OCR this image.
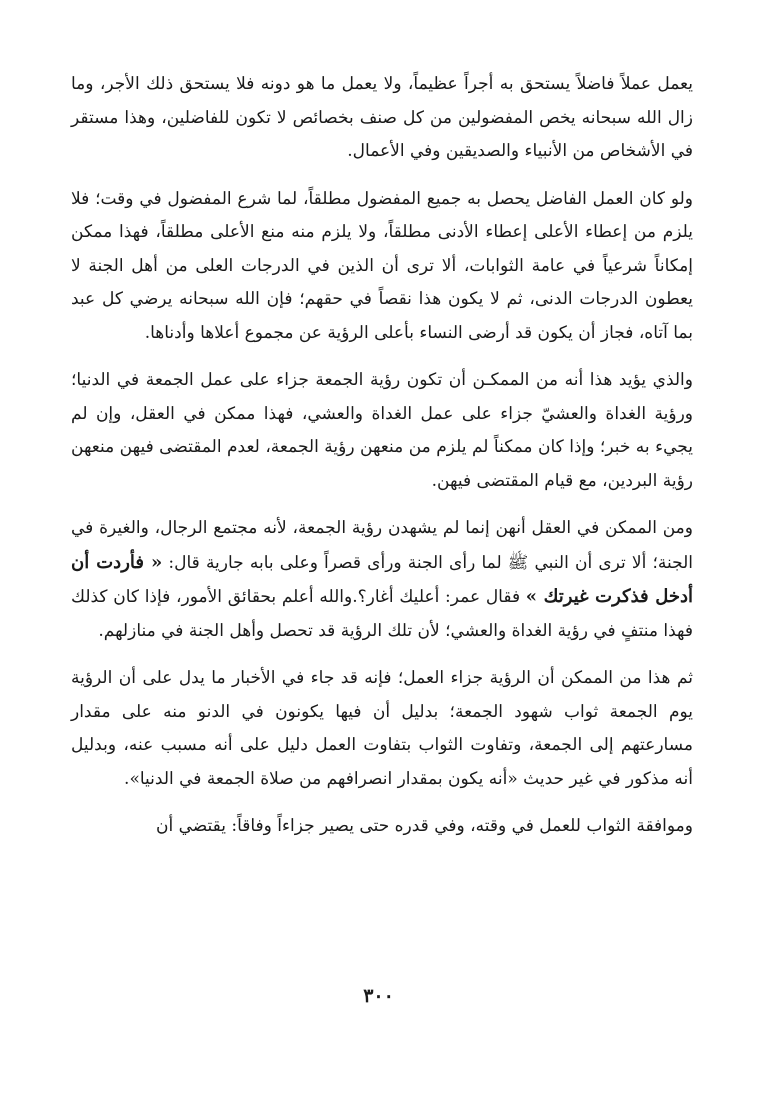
يعمل عملاً فاضلاً يستحق به أجراً عظيماً، ولا يعمل ما هو دونه فلا يستحق ذلك الأجر، وما زال الله سبحانه يخص المفضولين من كل صنف بخصائص لا تكون للفاضلين، وهذا مستقر في الأشخاص من الأنبياء والصديقين وفي الأعمال.

ولو كان العمل الفاضل يحصل به جميع المفضول مطلقاً، لما شرع المفضول في وقت؛ فلا يلزم من إعطاء الأعلى إعطاء الأدنى مطلقاً، ولا يلزم منه منع الأعلى مطلقاً، فهذا ممكن إمكاناً شرعياً في عامة الثوابات، ألا ترى أن الذين في الدرجات العلى من أهل الجنة لا يعطون الدرجات الدنى، ثم لا يكون هذا نقصاً في حقهم؛ فإن الله سبحانه يرضي كل عبد بما آتاه، فجاز أن يكون قد أرضى النساء بأعلى الرؤية عن مجموع أعلاها وأدناها.

والذي يؤيد هذا أنه من الممكـن أن تكون رؤية الجمعة جزاء على عمل الجمعة في الدنيا؛ ورؤية الغداة والعشيّ جزاء على عمل الغداة والعشي، فهذا ممكن في العقل، وإن لم يجيء به خبر؛ وإذا كان ممكناً لم يلزم من منعهن رؤية الجمعة، لعدم المقتضى فيهن منعهن رؤية البردين، مع قيام المقتضى فيهن.

ومن الممكن في العقل أنهن إنما لم يشهدن رؤية الجمعة، لأنه مجتمع الرجال، والغيرة في الجنة؛ ألا ترى أن النبي ﷺ لما رأى الجنة ورأى قصراً وعلى بابه جارية قال: « فأردت أن أدخل فذكرت غيرتك » فقال عمر: أعليك أغار؟.والله أعلم بحقائق الأمور، فإذا كان كذلك فهذا منتفٍ في رؤية الغداة والعشي؛ لأن تلك الرؤية قد تحصل وأهل الجنة في منازلهم.

ثم هذا من الممكن أن الرؤية جزاء العمل؛ فإنه قد جاء في الأخبار ما يدل على أن الرؤية يوم الجمعة ثواب شهود الجمعة؛ بدليل أن فيها يكونون في الدنو منه على مقدار مسارعتهم إلى الجمعة، وتفاوت الثواب بتفاوت العمل دليل على أنه مسبب عنه، وبدليل أنه مذكور في غير حديث «أنه يكون بمقدار انصرافهم من صلاة الجمعة في الدنيا».

وموافقة الثواب للعمل في وقته، وفي قدره حتى يصير جزاءاً وفاقاً: يقتضي أن

٣٠٠
